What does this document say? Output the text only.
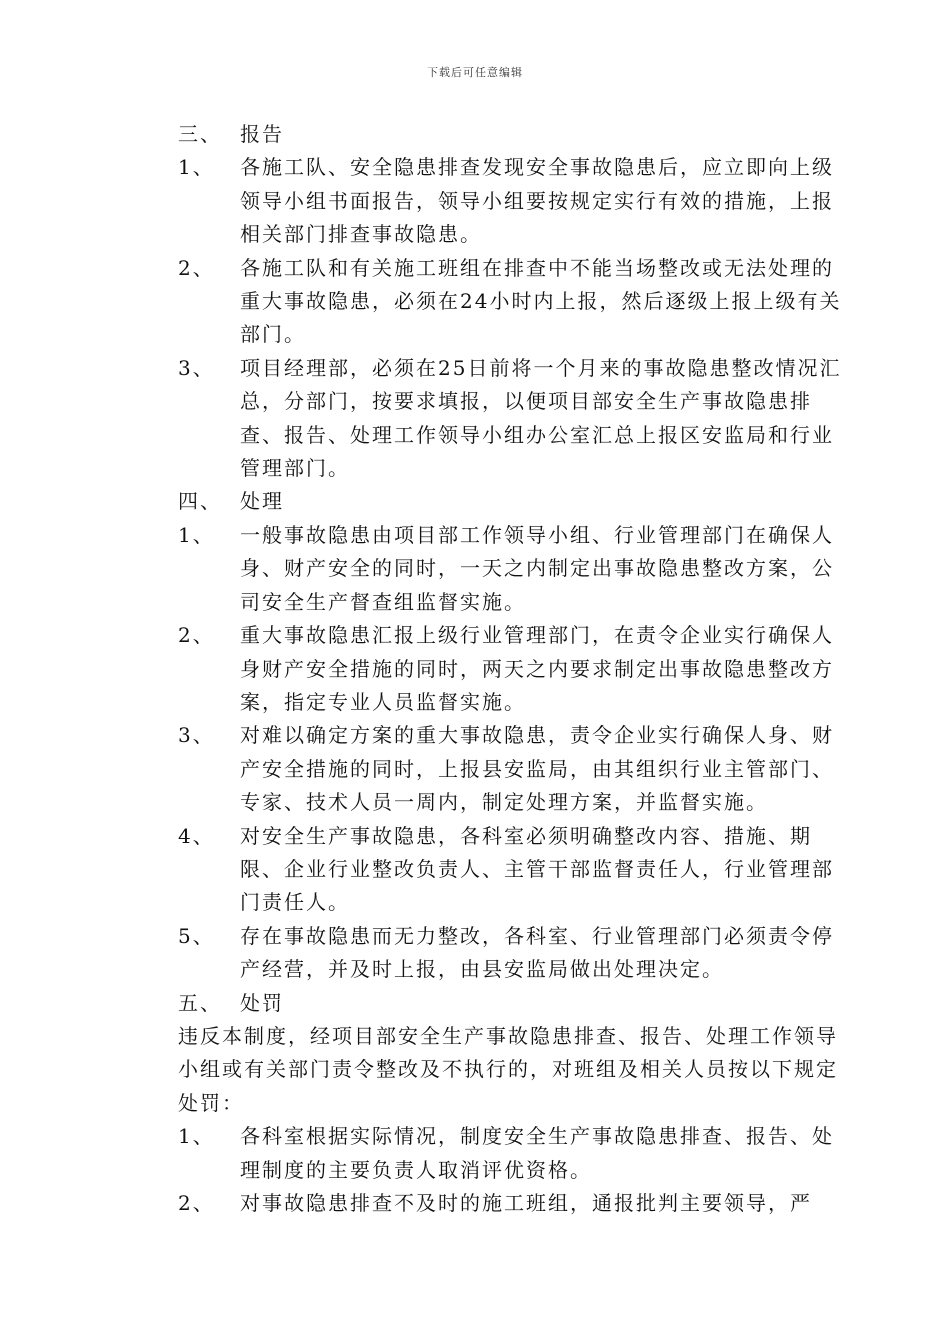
下载后可任意编辑
三、 报告
1、	各施工队、安全隐患排查发现安全事故隐患后，应立即向上级领导小组书面报告，领导小组要按规定实行有效的措施，上报相关部门排查事故隐患。
2、	各施工队和有关施工班组在排查中不能当场整改或无法处理的重大事故隐患，必须在24小时内上报，然后逐级上报上级有关部门。
3、	项目经理部，必须在25日前将一个月来的事故隐患整改情况汇总，分部门，按要求填报，以便项目部安全生产事故隐患排查、报告、处理工作领导小组办公室汇总上报区安监局和行业管理部门。
四、 处理
1、	一般事故隐患由项目部工作领导小组、行业管理部门在确保人身、财产安全的同时，一天之内制定出事故隐患整改方案，公司安全生产督查组监督实施。
2、	重大事故隐患汇报上级行业管理部门，在责令企业实行确保人身财产安全措施的同时，两天之内要求制定出事故隐患整改方案，指定专业人员监督实施。
3、	对难以确定方案的重大事故隐患，责令企业实行确保人身、财产安全措施的同时，上报县安监局，由其组织行业主管部门、专家、技术人员一周内，制定处理方案，并监督实施。
4、	对安全生产事故隐患，各科室必须明确整改内容、措施、期限、企业行业整改负责人、主管干部监督责任人，行业管理部门责任人。
5、	存在事故隐患而无力整改，各科室、行业管理部门必须责令停产经营，并及时上报，由县安监局做出处理决定。
五、 处罚
违反本制度，经项目部安全生产事故隐患排查、报告、处理工作领导小组或有关部门责令整改及不执行的，对班组及相关人员按以下规定处罚：
1、	各科室根据实际情况，制度安全生产事故隐患排查、报告、处理制度的主要负责人取消评优资格。
2、	对事故隐患排查不及时的施工班组，通报批判主要领导，严
